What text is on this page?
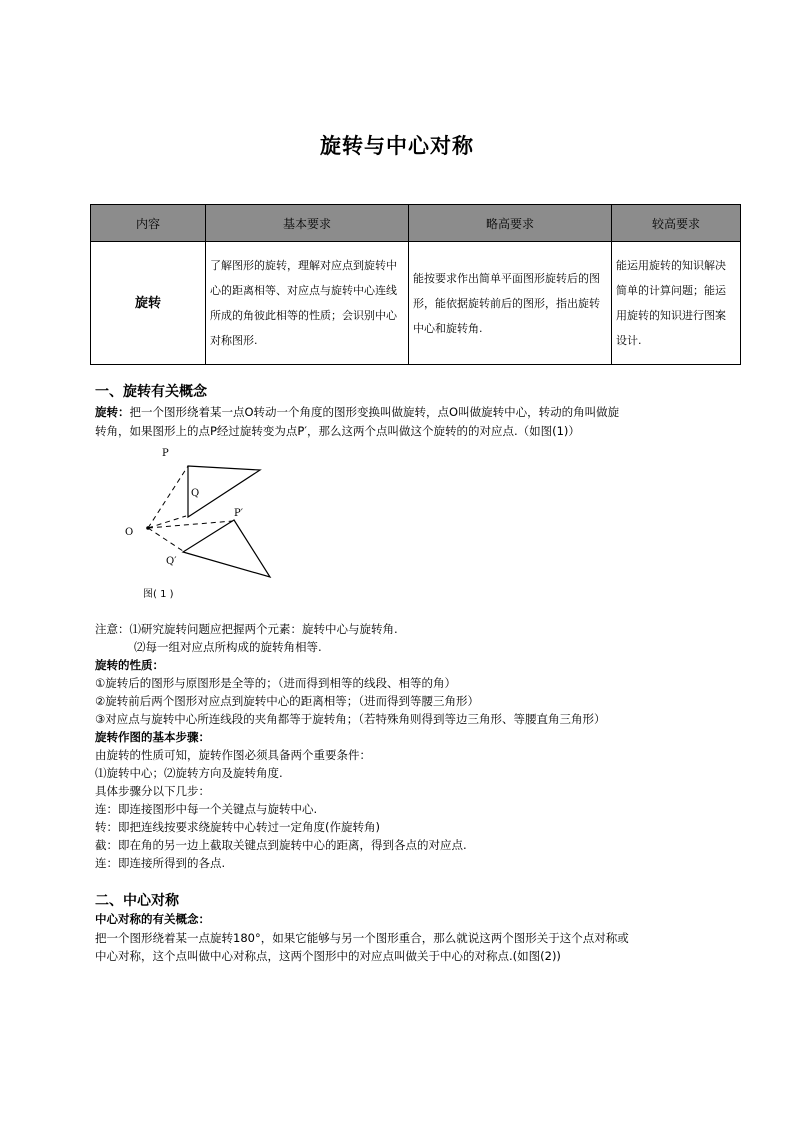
旋转与中心对称
内容	基本要求	略高要求	较高要求
旋转	了解图形的旋转，理解对应点到旋转中心的距离相等、对应点与旋转中心连线所成的角彼此相等的性质；会识别中心对称图形.	能按要求作出简单平面图形旋转后的图形，能依据旋转前后的图形，指出旋转中心和旋转角.	能运用旋转的知识解决简单的计算问题；能运用旋转的知识进行图案设计.
一、旋转有关概念
旋转：把一个图形绕着某一点O转动一个角度的图形变换叫做旋转，点O叫做旋转中心，转动的角叫做旋
转角，如果图形上的点P经过旋转变为点P′，那么这两个点叫做这个旋转的的对应点.（如图(1)）
P
Q
O
P′
Q′
图( 1 )
注意：⑴研究旋转问题应把握两个元素：旋转中心与旋转角.
⑵每一组对应点所构成的旋转角相等.
旋转的性质：
①旋转后的图形与原图形是全等的；（进而得到相等的线段、相等的角）
②旋转前后两个图形对应点到旋转中心的距离相等；（进而得到等腰三角形）
③对应点与旋转中心所连线段的夹角都等于旋转角；（若特殊角则得到等边三角形、等腰直角三角形）
旋转作图的基本步骤：
由旋转的性质可知，旋转作图必须具备两个重要条件：
⑴旋转中心；⑵旋转方向及旋转角度.
具体步骤分以下几步：
连：即连接图形中每一个关键点与旋转中心.
转：即把连线按要求绕旋转中心转过一定角度(作旋转角)
截：即在角的另一边上截取关键点到旋转中心的距离，得到各点的对应点.
连：即连接所得到的各点.
二、中心对称
中心对称的有关概念：
把一个图形绕着某一点旋转180°，如果它能够与另一个图形重合，那么就说这两个图形关于这个点对称或
中心对称，这个点叫做中心对称点，这两个图形中的对应点叫做关于中心的对称点.(如图(2))
